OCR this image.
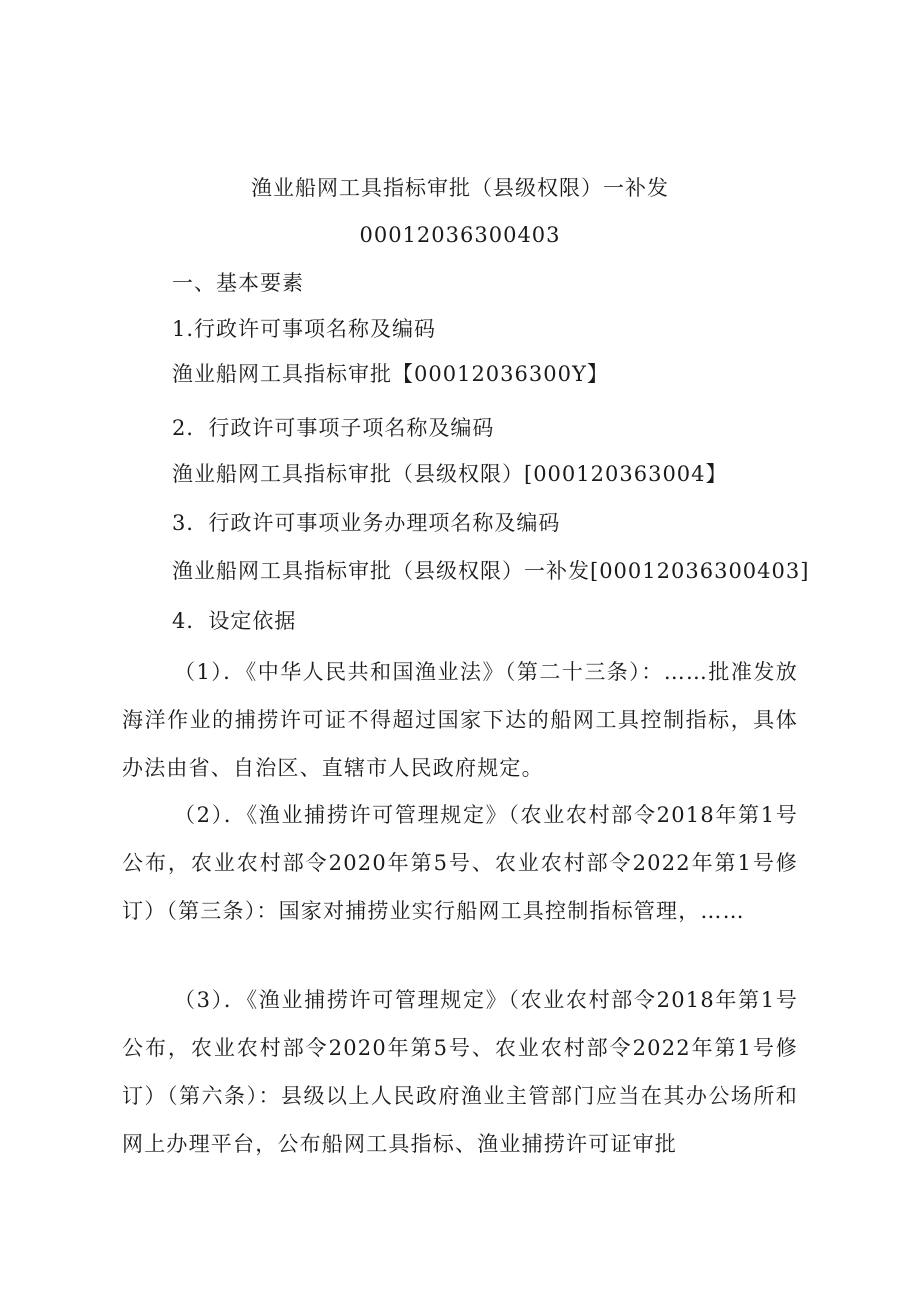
渔业船网工具指标审批（县级权限）一补发
00012036300403
一、基本要素
1.行政许可事项名称及编码
渔业船网工具指标审批【00012036300Y】
2．行政许可事项子项名称及编码
渔业船网工具指标审批（县级权限）[000120363004】
3．行政许可事项业务办理项名称及编码
渔业船网工具指标审批（县级权限）一补发[00012036300403]
4．设定依据
（1）．《中华人民共和国渔业法》（第二十三条）：……批准发放海洋作业的捕捞许可证不得超过国家下达的船网工具控制指标，具体办法由省、自治区、直辖市人民政府规定。
（2）．《渔业捕捞许可管理规定》（农业农村部令2018年第1号公布，农业农村部令2020年第5号、农业农村部令2022年第1号修订）（第三条）：国家对捕捞业实行船网工具控制指标管理，……
（3）．《渔业捕捞许可管理规定》（农业农村部令2018年第1号公布，农业农村部令2020年第5号、农业农村部令2022年第1号修订）（第六条）：县级以上人民政府渔业主管部门应当在其办公场所和网上办理平台，公布船网工具指标、渔业捕捞许可证审批
